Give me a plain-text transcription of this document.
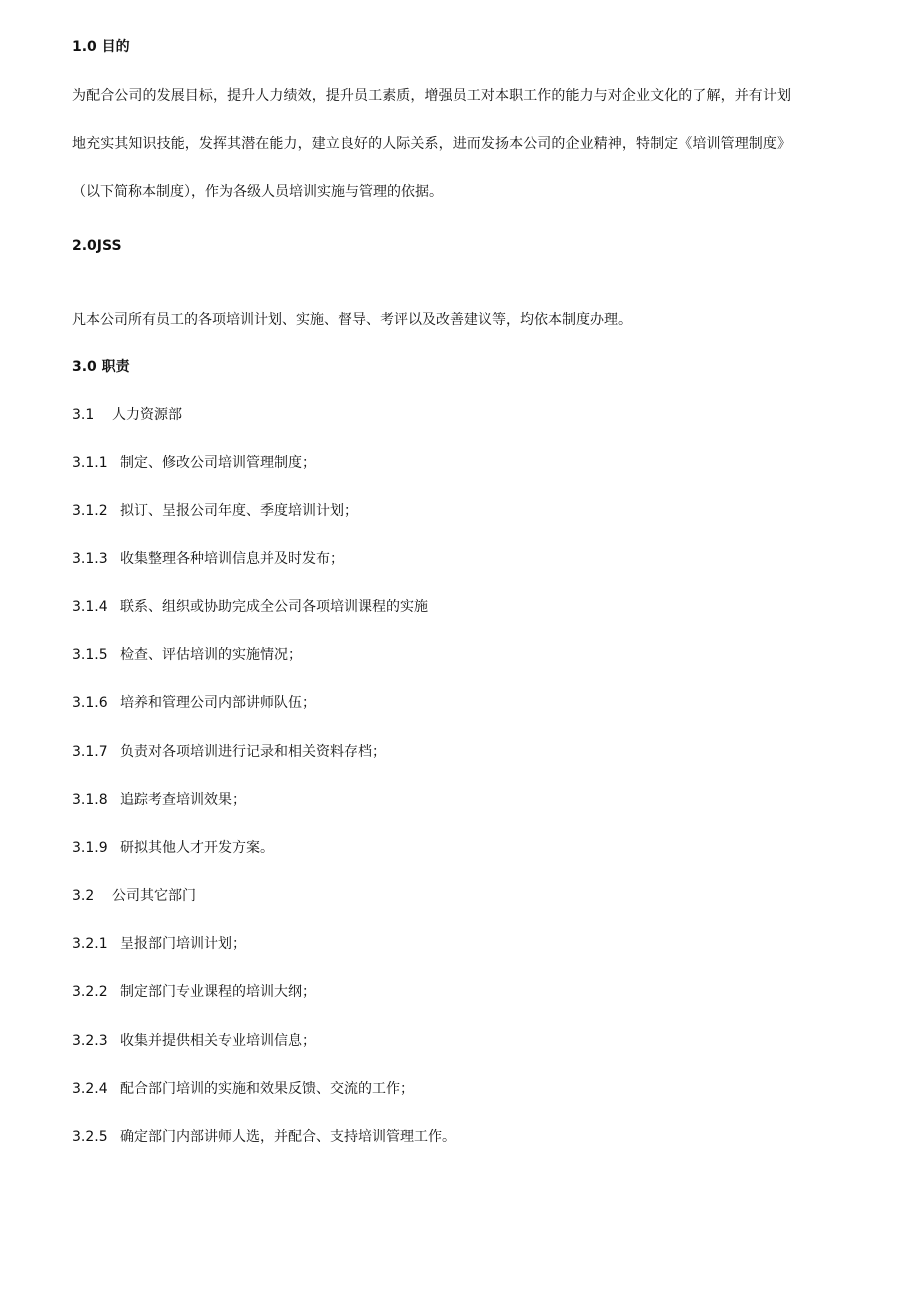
1.0 目的
为配合公司的发展目标，提升人力绩效，提升员工素质，增强员工对本职工作的能力与对企业文化的了解，并有计划
地充实其知识技能，发挥其潜在能力，建立良好的人际关系，进而发扬本公司的企业精神，特制定《培训管理制度》
（以下简称本制度），作为各级人员培训实施与管理的依据。
2.0JSS
凡本公司所有员工的各项培训计划、实施、督导、考评以及改善建议等，均依本制度办理。
3.0 职责
3.1 人力资源部
3.1.1 制定、修改公司培训管理制度；
3.1.2 拟订、呈报公司年度、季度培训计划；
3.1.3 收集整理各种培训信息并及时发布；
3.1.4 联系、组织或协助完成全公司各项培训课程的实施
3.1.5 检查、评估培训的实施情况；
3.1.6 培养和管理公司内部讲师队伍；
3.1.7 负责对各项培训进行记录和相关资料存档；
3.1.8 追踪考查培训效果；
3.1.9 研拟其他人才开发方案。
3.2 公司其它部门
3.2.1 呈报部门培训计划；
3.2.2 制定部门专业课程的培训大纲；
3.2.3 收集并提供相关专业培训信息；
3.2.4 配合部门培训的实施和效果反馈、交流的工作；
3.2.5 确定部门内部讲师人选，并配合、支持培训管理工作。
